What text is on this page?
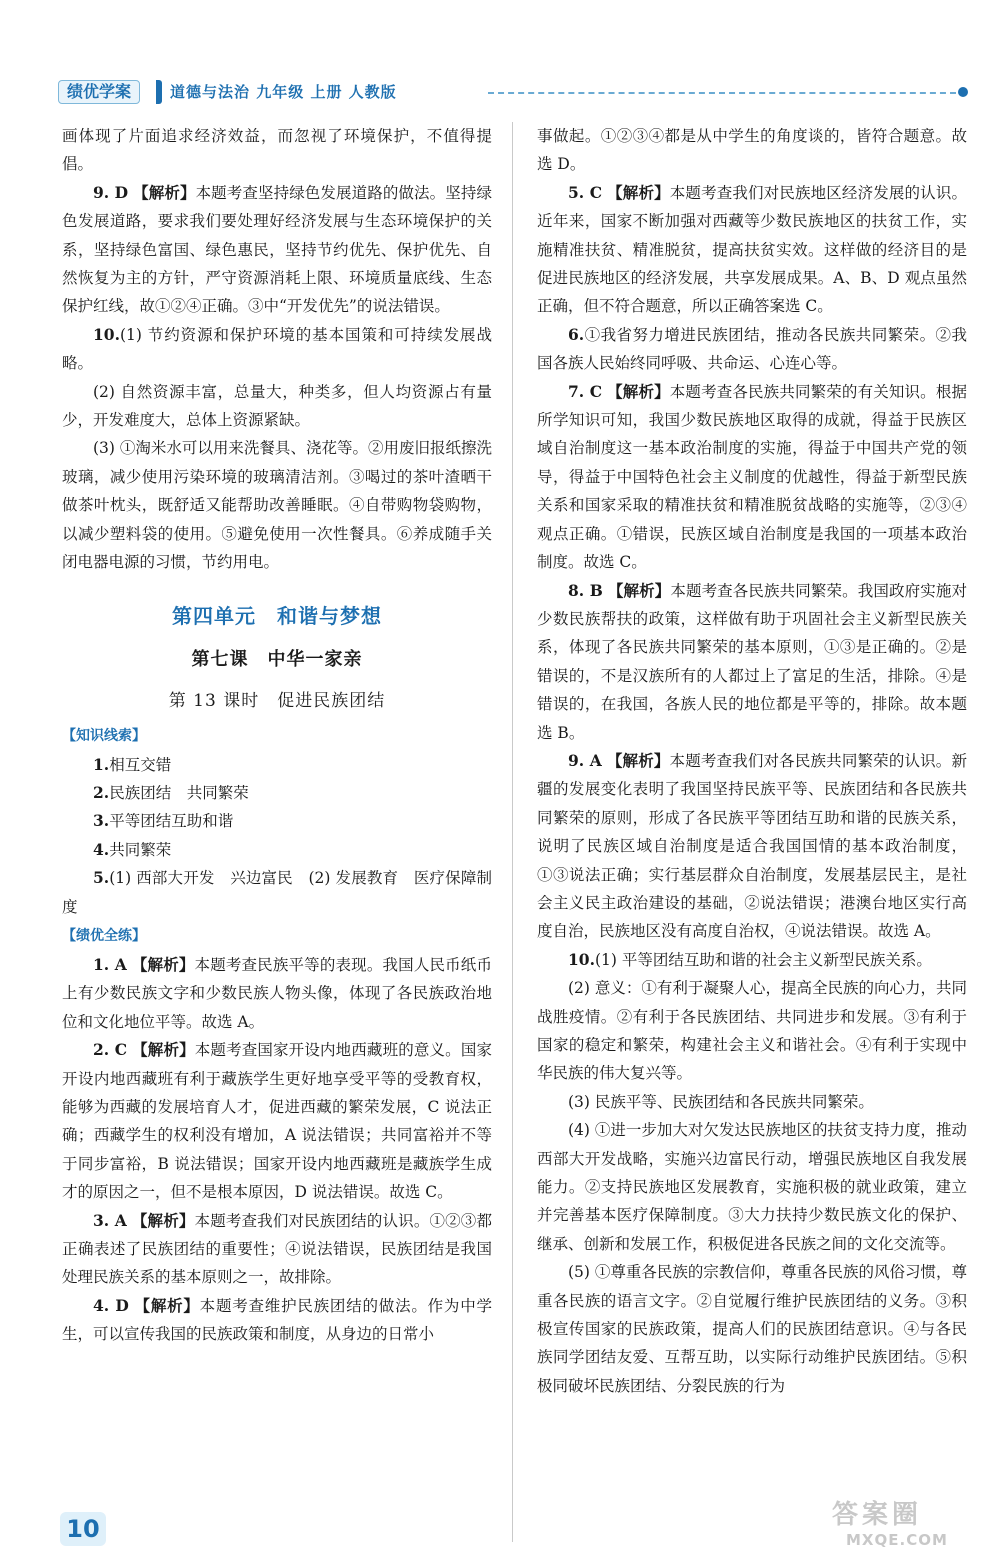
绩优学案	道德与法治 九年级 上册 人教版

画体现了片面追求经济效益，而忽视了环境保护，不值得提倡。

9. D 【解析】本题考查坚持绿色发展道路的做法。坚持绿色发展道路，要求我们要处理好经济发展与生态环境保护的关系，坚持绿色富国、绿色惠民，坚持节约优先、保护优先、自然恢复为主的方针，严守资源消耗上限、环境质量底线、生态保护红线，故①②④正确。③中“开发优先”的说法错误。

10.(1) 节约资源和保护环境的基本国策和可持续发展战略。

(2) 自然资源丰富，总量大，种类多，但人均资源占有量少，开发难度大，总体上资源紧缺。

(3) ①淘米水可以用来洗餐具、浇花等。②用废旧报纸擦洗玻璃，减少使用污染环境的玻璃清洁剂。③喝过的茶叶渣晒干做茶叶枕头，既舒适又能帮助改善睡眠。④自带购物袋购物，以减少塑料袋的使用。⑤避免使用一次性餐具。⑥养成随手关闭电器电源的习惯，节约用电。

第四单元　和谐与梦想
第七课　中华一家亲
第 13 课时　促进民族团结
【知识线索】

1.相互交错

2.民族团结　共同繁荣

3.平等团结互助和谐

4.共同繁荣

5.(1) 西部大开发　兴边富民　(2) 发展教育　医疗保障制度

【绩优全练】

1. A 【解析】本题考查民族平等的表现。我国人民币纸币上有少数民族文字和少数民族人物头像，体现了各民族政治地位和文化地位平等。故选 A。

2. C 【解析】本题考查国家开设内地西藏班的意义。国家开设内地西藏班有利于藏族学生更好地享受平等的受教育权，能够为西藏的发展培育人才，促进西藏的繁荣发展，C 说法正确；西藏学生的权利没有增加，A 说法错误；共同富裕并不等于同步富裕，B 说法错误；国家开设内地西藏班是藏族学生成才的原因之一，但不是根本原因，D 说法错误。故选 C。

3. A 【解析】本题考查我们对民族团结的认识。①②③都正确表述了民族团结的重要性；④说法错误，民族团结是我国处理民族关系的基本原则之一，故排除。

4. D 【解析】本题考查维护民族团结的做法。作为中学生，可以宣传我国的民族政策和制度，从身边的日常小

事做起。①②③④都是从中学生的角度谈的，皆符合题意。故选 D。

5. C 【解析】本题考查我们对民族地区经济发展的认识。近年来，国家不断加强对西藏等少数民族地区的扶贫工作，实施精准扶贫、精准脱贫，提高扶贫实效。这样做的经济目的是促进民族地区的经济发展，共享发展成果。A、B、D 观点虽然正确，但不符合题意，所以正确答案选 C。

6.①我省努力增进民族团结，推动各民族共同繁荣。②我国各族人民始终同呼吸、共命运、心连心等。

7. C 【解析】本题考查各民族共同繁荣的有关知识。根据所学知识可知，我国少数民族地区取得的成就，得益于民族区域自治制度这一基本政治制度的实施，得益于中国共产党的领导，得益于中国特色社会主义制度的优越性，得益于新型民族关系和国家采取的精准扶贫和精准脱贫战略的实施等，②③④观点正确。①错误，民族区域自治制度是我国的一项基本政治制度。故选 C。

8. B 【解析】本题考查各民族共同繁荣。我国政府实施对少数民族帮扶的政策，这样做有助于巩固社会主义新型民族关系，体现了各民族共同繁荣的基本原则，①③是正确的。②是错误的，不是汉族所有的人都过上了富足的生活，排除。④是错误的，在我国，各族人民的地位都是平等的，排除。故本题选 B。

9. A 【解析】本题考查我们对各民族共同繁荣的认识。新疆的发展变化表明了我国坚持民族平等、民族团结和各民族共同繁荣的原则，形成了各民族平等团结互助和谐的民族关系，说明了民族区域自治制度是适合我国国情的基本政治制度，①③说法正确；实行基层群众自治制度，发展基层民主，是社会主义民主政治建设的基础，②说法错误；港澳台地区实行高度自治，民族地区没有高度自治权，④说法错误。故选 A。

10.(1) 平等团结互助和谐的社会主义新型民族关系。

(2) 意义：①有利于凝聚人心，提高全民族的向心力，共同战胜疫情。②有利于各民族团结、共同进步和发展。③有利于国家的稳定和繁荣，构建社会主义和谐社会。④有利于实现中华民族的伟大复兴等。

(3) 民族平等、民族团结和各民族共同繁荣。

(4) ①进一步加大对欠发达民族地区的扶贫支持力度，推动西部大开发战略，实施兴边富民行动，增强民族地区自我发展能力。②支持民族地区发展教育，实施积极的就业政策，建立并完善基本医疗保障制度。③大力扶持少数民族文化的保护、继承、创新和发展工作，积极促进各民族之间的文化交流等。

(5) ①尊重各民族的宗教信仰，尊重各民族的风俗习惯，尊重各民族的语言文字。②自觉履行维护民族团结的义务。③积极宣传国家的民族政策，提高人们的民族团结意识。④与各民族同学团结友爱、互帮互助，以实际行动维护民族团结。⑤积极同破坏民族团结、分裂民族的行为

10	答案圈
MXQE.COM
